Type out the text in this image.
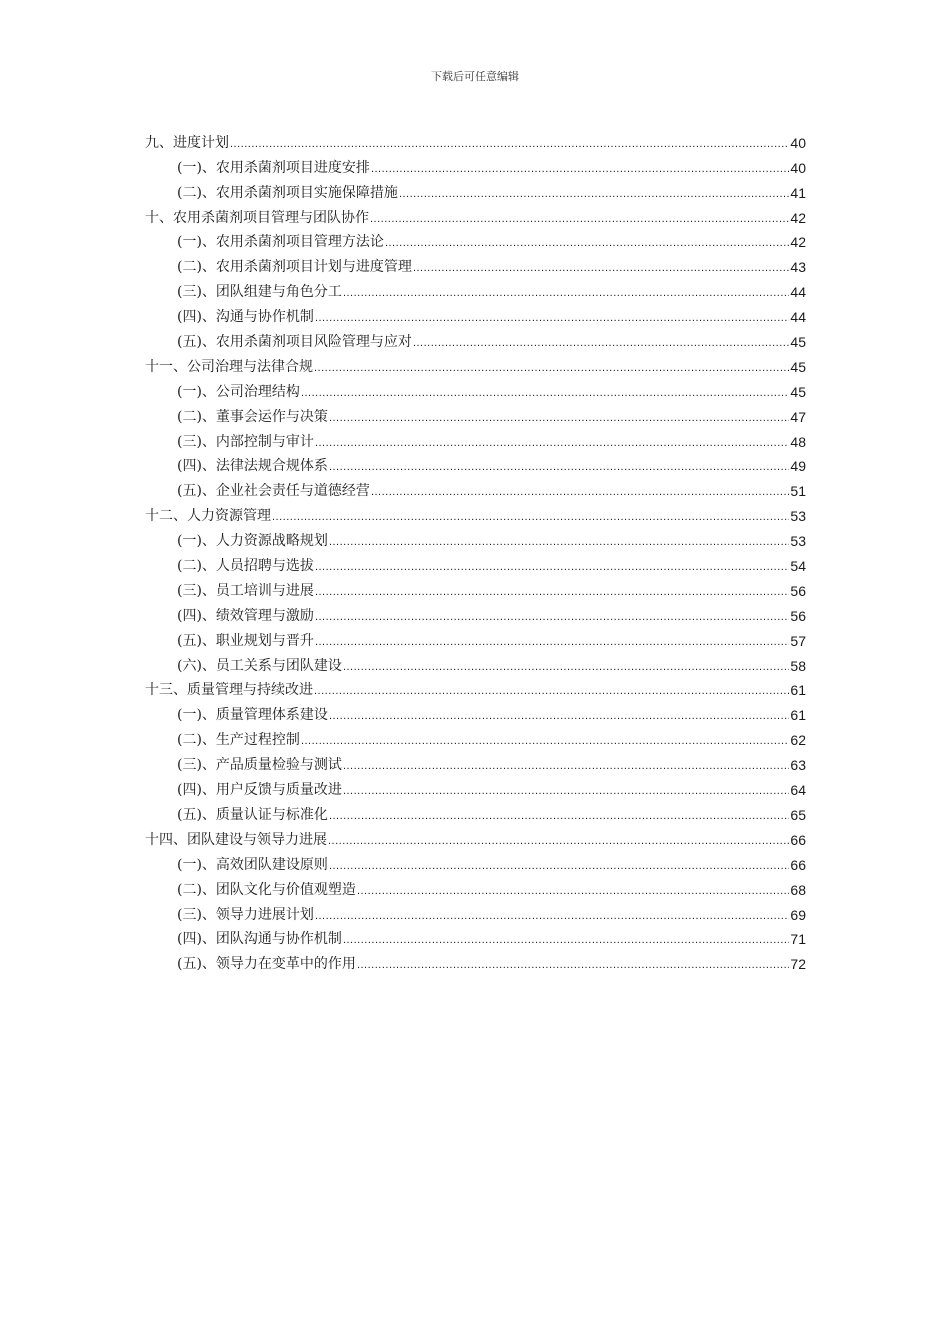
下载后可任意编辑
九、进度计划 .....	40
(一)、农用杀菌剂项目进度安排 .....	40
(二)、农用杀菌剂项目实施保障措施 .....	41
十、农用杀菌剂项目管理与团队协作 .....	42
(一)、农用杀菌剂项目管理方法论 .....	42
(二)、农用杀菌剂项目计划与进度管理 .....	43
(三)、团队组建与角色分工 .....	44
(四)、沟通与协作机制 .....	44
(五)、农用杀菌剂项目风险管理与应对 .....	45
十一、公司治理与法律合规 .....	45
(一)、公司治理结构 .....	45
(二)、董事会运作与决策 .....	47
(三)、内部控制与审计 .....	48
(四)、法律法规合规体系 .....	49
(五)、企业社会责任与道德经营 .....	51
十二、人力资源管理 .....	53
(一)、人力资源战略规划 .....	53
(二)、人员招聘与选拔 .....	54
(三)、员工培训与进展 .....	56
(四)、绩效管理与激励 .....	56
(五)、职业规划与晋升 .....	57
(六)、员工关系与团队建设 .....	58
十三、质量管理与持续改进 .....	61
(一)、质量管理体系建设 .....	61
(二)、生产过程控制 .....	62
(三)、产品质量检验与测试 .....	63
(四)、用户反馈与质量改进 .....	64
(五)、质量认证与标准化 .....	65
十四、团队建设与领导力进展 .....	66
(一)、高效团队建设原则 .....	66
(二)、团队文化与价值观塑造 .....	68
(三)、领导力进展计划 .....	69
(四)、团队沟通与协作机制 .....	71
(五)、领导力在变革中的作用 .....	72
